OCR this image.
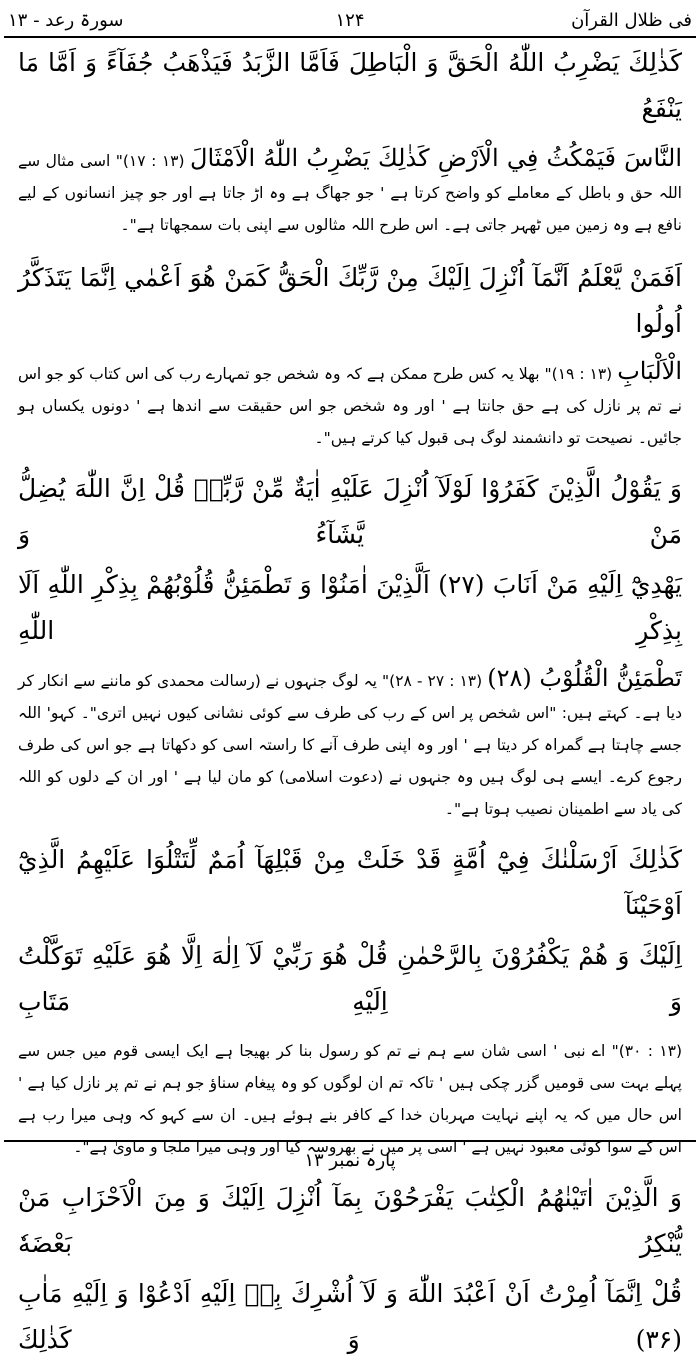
فی ظلال القرآن
۱۲۴
سورۃ رعد - ۱۳

كَذٰلِكَ يَضْرِبُ اللّٰهُ الْحَقَّ وَ الْبَاطِلَ فَاَمَّا الزَّبَدُ فَيَذْهَبُ جُفَآءً وَ اَمَّا مَا يَنْفَعُ

النَّاسَ فَيَمْكُثُ فِي الْاَرْضِ كَذٰلِكَ يَضْرِبُ اللّٰهُ الْاَمْثَالَ (۱۳ : ۱۷)" اسی مثال سے اللہ حق و باطل کے معاملے کو واضح کرتا ہے ' جو جھاگ ہے وہ اڑ جاتا ہے اور جو چیز انسانوں کے لیے نافع ہے وہ زمین میں ٹھہر جاتی ہے۔ اس طرح اللہ مثالوں سے اپنی بات سمجھاتا ہے"۔

اَفَمَنْ يَّعْلَمُ اَنَّمَآ اُنْزِلَ اِلَيْكَ مِنْ رَّبِّكَ الْحَقُّ كَمَنْ هُوَ اَعْمٰي اِنَّمَا يَتَذَكَّرُ اُولُوا

الْاَلْبَابِ (۱۳ : ۱۹)" بھلا یہ کس طرح ممکن ہے کہ وہ شخص جو تمہارے رب کی اس کتاب کو جو اس نے تم پر نازل کی ہے حق جانتا ہے ' اور وہ شخص جو اس حقیقت سے اندھا ہے ' دونوں یکساں ہو جائیں۔ نصیحت تو دانشمند لوگ ہی قبول کیا کرتے ہیں"۔

وَ يَقُوْلُ الَّذِيْنَ كَفَرُوْا لَوْلَآ اُنْزِلَ عَلَيْهِ اٰيَةٌ مِّنْ رَّبِّهٖ قُلْ اِنَّ اللّٰهَ يُضِلُّ مَنْ يَّشَآءُ وَ

يَهْدِيْٓ اِلَيْهِ مَنْ اَنَابَ (۲۷) اَلَّذِيْنَ اٰمَنُوْا وَ تَطْمَئِنُّ قُلُوْبُهُمْ بِذِكْرِ اللّٰهِ اَلَا بِذِكْرِ اللّٰهِ

تَطْمَئِنُّ الْقُلُوْبُ (۲۸) (۱۳ : ۲۷ - ۲۸)" یہ لوگ جنہوں نے (رسالت محمدی کو ماننے سے انکار کر دیا ہے۔ کہتے ہیں: "اس شخص پر اس کے رب کی طرف سے کوئی نشانی کیوں نہیں اتری"۔ کہو' اللہ جسے چاہتا ہے گمراہ کر دیتا ہے ' اور وہ اپنی طرف آنے کا راستہ اسی کو دکھاتا ہے جو اس کی طرف رجوع کرے۔ ایسے ہی لوگ ہیں وہ جنہوں نے (دعوت اسلامی) کو مان لیا ہے ' اور ان کے دلوں کو اللہ کی یاد سے اطمینان نصیب ہوتا ہے"۔

كَذٰلِكَ اَرْسَلْنٰكَ فِيْٓ اُمَّةٍ قَدْ خَلَتْ مِنْ قَبْلِهَآ اُمَمٌ لِّتَتْلُوَا عَلَيْهِمُ الَّذِيْٓ اَوْحَيْنَآ

اِلَيْكَ وَ هُمْ يَكْفُرُوْنَ بِالرَّحْمٰنِ قُلْ هُوَ رَبِّيْ لَآ اِلٰهَ اِلَّا هُوَ عَلَيْهِ تَوَكَّلْتُ وَ اِلَيْهِ مَتَابِ

(۱۳ : ۳۰)" اے نبی ' اسی شان سے ہم نے تم کو رسول بنا کر بھیجا ہے ایک ایسی قوم میں جس سے پہلے بہت سی قومیں گزر چکی ہیں ' تاکہ تم ان لوگوں کو وہ پیغام سناؤ جو ہم نے تم پر نازل کیا ہے ' اس حال میں کہ یہ اپنے نہایت مہربان خدا کے کافر بنے ہوئے ہیں۔ ان سے کہو کہ وہی میرا رب ہے اس کے سوا کوئی معبود نہیں ہے ' اسی پر میں نے بھروسہ کیا اور وہی میرا ملجا و ماویٰ ہے"۔

وَ الَّذِيْنَ اٰتَيْنٰهُمُ الْكِتٰبَ يَفْرَحُوْنَ بِمَآ اُنْزِلَ اِلَيْكَ وَ مِنَ الْاَحْزَابِ مَنْ يُّنْكِرُ بَعْضَهٗ

قُلْ اِنَّمَآ اُمِرْتُ اَنْ اَعْبُدَ اللّٰهَ وَ لَآ اُشْرِكَ بِهٖ اِلَيْهِ اَدْعُوْا وَ اِلَيْهِ مَاٰبِ (۳۶) وَ كَذٰلِكَ

پارہ نمبر ۱۳
